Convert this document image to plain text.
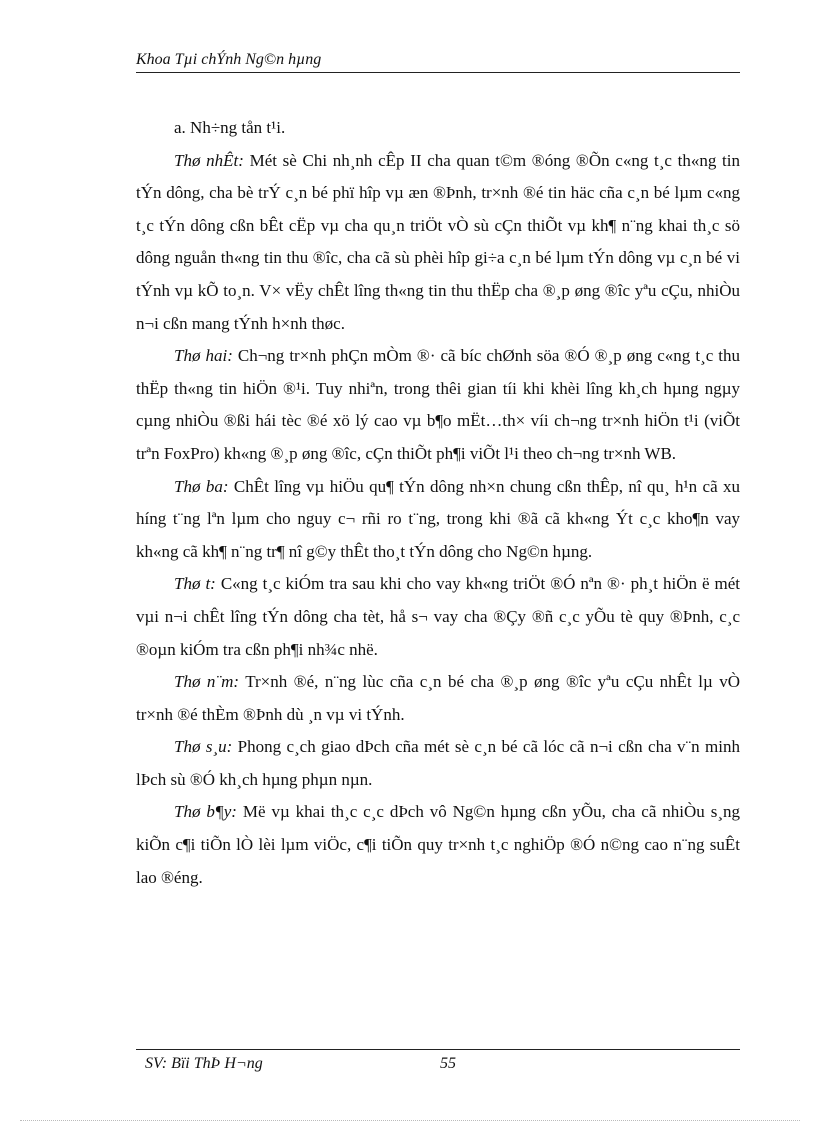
Khoa Tµi chÝnh Ng©n hµng

a. Nh÷ng tån t¹i.

Thø nhÊt: Mét sè Chi nh¸nh cÊp II cha quan t©m ®óng ®Õn c«ng t¸c th«ng tin tÝn dông, cha bè trÝ c¸n bé phï hîp vµ æn ®Þnh, tr×nh ®é tin häc cña c¸n bé lµm c«ng t¸c tÝn dông cßn bÊt cËp vµ cha qu¸n triÖt vÒ sù cÇn thiÕt vµ kh¶ n¨ng khai th¸c sö dông nguån th«ng tin thu ®îc, cha cã sù phèi hîp gi÷a c¸n bé lµm tÝn dông vµ c¸n bé vi tÝnh vµ kÕ to¸n. V× vËy chÊt lîng th«ng tin thu thËp cha ®¸p øng ®îc yªu cÇu, nhiÒu n¬i cßn mang tÝnh h×nh thøc.

Thø hai: Ch¬ng tr×nh phÇn mÒm ®· cã bíc chØnh söa ®Ó ®¸p øng c«ng t¸c thu thËp th«ng tin hiÖn ®¹i. Tuy nhiªn, trong thêi gian tíi khi khèi lîng kh¸ch hµng ngµy cµng nhiÒu ®ßi hái tèc ®é xö lý cao vµ b¶o mËt…th× víi ch¬ng tr×nh hiÖn t¹i (viÕt trªn FoxPro) kh«ng ®¸p øng ®îc, cÇn thiÕt ph¶i viÕt l¹i theo ch¬ng tr×nh WB.

Thø ba: ChÊt lîng vµ hiÖu qu¶ tÝn dông nh×n chung cßn thÊp, nî qu¸ h¹n cã xu híng t¨ng lªn lµm cho nguy c¬ rñi ro t¨ng, trong khi ®ã cã kh«ng Ýt c¸c kho¶n vay kh«ng cã kh¶ n¨ng tr¶ nî g©y thÊt tho¸t tÝn dông cho Ng©n hµng.

Thø t: C«ng t¸c kiÓm tra sau khi cho vay kh«ng triÖt ®Ó nªn ®· ph¸t hiÖn ë mét vµi n¬i chÊt lîng tÝn dông cha tèt, hå s¬ vay cha ®Çy ®ñ c¸c yÕu tè quy ®Þnh, c¸c ®oµn kiÓm tra cßn ph¶i nh¾c nhë.

Thø n¨m: Tr×nh ®é, n¨ng lùc cña c¸n bé cha ®¸p øng ®îc yªu cÇu nhÊt lµ vÒ tr×nh ®é thÈm ®Þnh dù ¸n vµ vi tÝnh.

Thø s¸u: Phong c¸ch giao dÞch cña mét sè c¸n bé cã lóc cã n¬i cßn cha v¨n minh lÞch sù ®Ó kh¸ch hµng phµn nµn.

Thø b¶y: Më vµ khai th¸c c¸c dÞch vô Ng©n hµng cßn yÕu, cha cã nhiÒu s¸ng kiÕn c¶i tiÕn lÒ lèi lµm viÖc, c¶i tiÕn quy tr×nh t¸c nghiÖp ®Ó n©ng cao n¨ng suÊt lao ®éng.

SV: Bïi ThÞ H¬ng	55
